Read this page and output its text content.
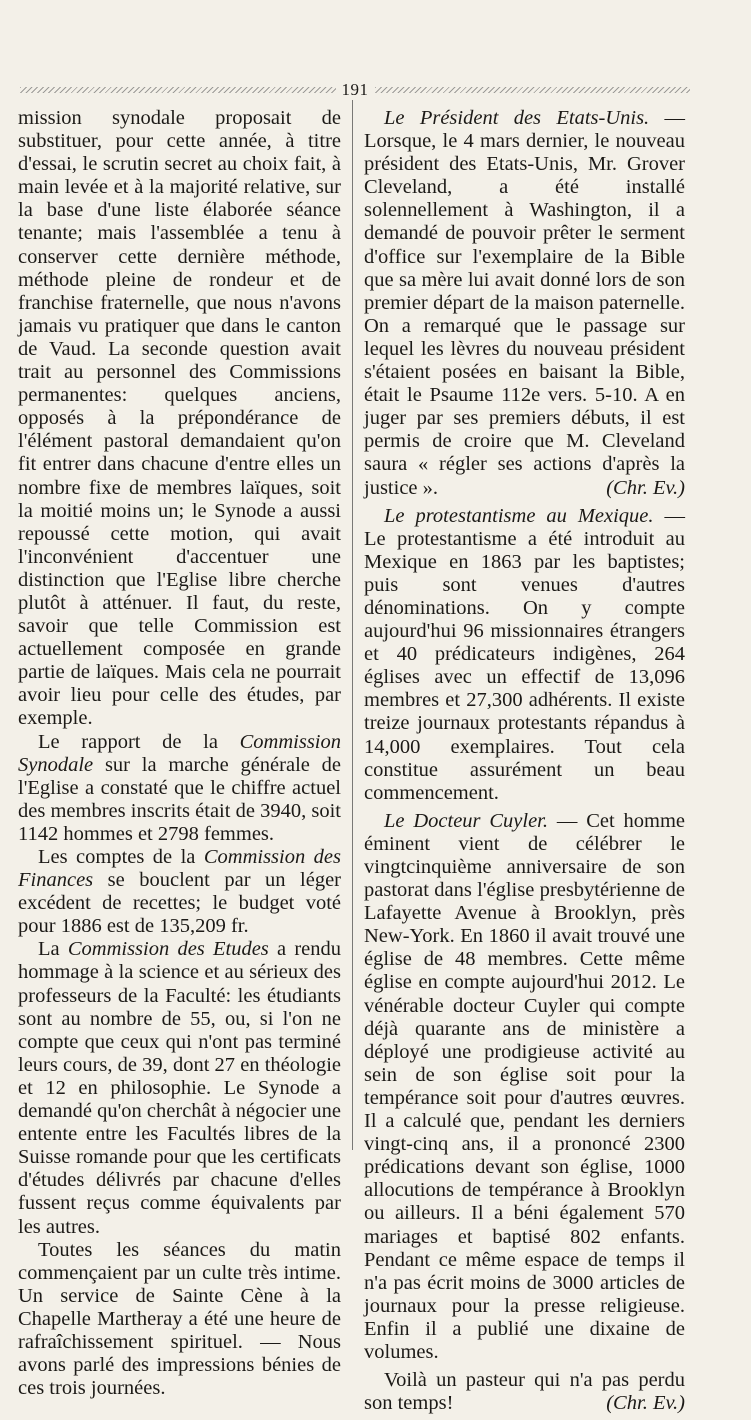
191

mission synodale proposait de substituer, pour cette année, à titre d'essai, le scrutin secret au choix fait, à main levée et à la majorité relative, sur la base d'une liste élaborée séance tenante; mais l'assemblée a tenu à conserver cette dernière méthode, méthode pleine de rondeur et de franchise fraternelle, que nous n'avons jamais vu pratiquer que dans le canton de Vaud. La seconde question avait trait au personnel des Commissions permanentes: quelques anciens, opposés à la prépondérance de l'élément pastoral demandaient qu'on fit entrer dans chacune d'entre elles un nombre fixe de membres laïques, soit la moitié moins un; le Synode a aussi repoussé cette motion, qui avait l'inconvénient d'accentuer une distinction que l'Eglise libre cherche plutôt à atténuer. Il faut, du reste, savoir que telle Commission est actuellement composée en grande partie de laïques. Mais cela ne pourrait avoir lieu pour celle des études, par exemple.

Le rapport de la Commission Synodale sur la marche générale de l'Eglise a constaté que le chiffre actuel des membres inscrits était de 3940, soit 1142 hommes et 2798 femmes.

Les comptes de la Commission des Finances se bouclent par un léger excédent de recettes; le budget voté pour 1886 est de 135,209 fr.

La Commission des Etudes a rendu hommage à la science et au sérieux des professeurs de la Faculté: les étudiants sont au nombre de 55, ou, si l'on ne compte que ceux qui n'ont pas terminé leurs cours, de 39, dont 27 en théologie et 12 en philosophie. Le Synode a demandé qu'on cherchât à négocier une entente entre les Facultés libres de la Suisse romande pour que les certificats d'études délivrés par chacune d'elles fussent reçus comme équivalents par les autres.

Toutes les séances du matin commençaient par un culte très intime. Un service de Sainte Cène à la Chapelle Martheray a été une heure de rafraîchissement spirituel. — Nous avons parlé des impressions bénies de ces trois journées.

Le Président des Etats-Unis. — Lorsque, le 4 mars dernier, le nouveau président des Etats-Unis, Mr. Grover Cleveland, a été installé solennellement à Washington, il a demandé de pouvoir prêter le serment d'office sur l'exemplaire de la Bible que sa mère lui avait donné lors de son premier départ de la maison paternelle. On a remarqué que le passage sur lequel les lèvres du nouveau président s'étaient posées en baisant la Bible, était le Psaume 112e vers. 5-10. A en juger par ses premiers débuts, il est permis de croire que M. Cleveland saura « régler ses actions d'après la justice ».	(Chr. Ev.)

Le protestantisme au Mexique. — Le protestantisme a été introduit au Mexique en 1863 par les baptistes; puis sont venues d'autres dénominations. On y compte aujourd'hui 96 missionnaires étrangers et 40 prédicateurs indigènes, 264 églises avec un effectif de 13,096 membres et 27,300 adhérents. Il existe treize journaux protestants répandus à 14,000 exemplaires. Tout cela constitue assurément un beau commencement.

Le Docteur Cuyler. — Cet homme éminent vient de célébrer le vingtcinquième anniversaire de son pastorat dans l'église presbytérienne de Lafayette Avenue à Brooklyn, près New-York. En 1860 il avait trouvé une église de 48 membres. Cette même église en compte aujourd'hui 2012. Le vénérable docteur Cuyler qui compte déjà quarante ans de ministère a déployé une prodigieuse activité au sein de son église soit pour la tempérance soit pour d'autres œuvres. Il a calculé que, pendant les derniers vingt-cinq ans, il a prononcé 2300 prédications devant son église, 1000 allocutions de tempérance à Brooklyn ou ailleurs. Il a béni également 570 mariages et baptisé 802 enfants. Pendant ce même espace de temps il n'a pas écrit moins de 3000 articles de journaux pour la presse religieuse. Enfin il a publié une dixaine de volumes.

Voilà un pasteur qui n'a pas perdu son temps!	(Chr. Ev.)
